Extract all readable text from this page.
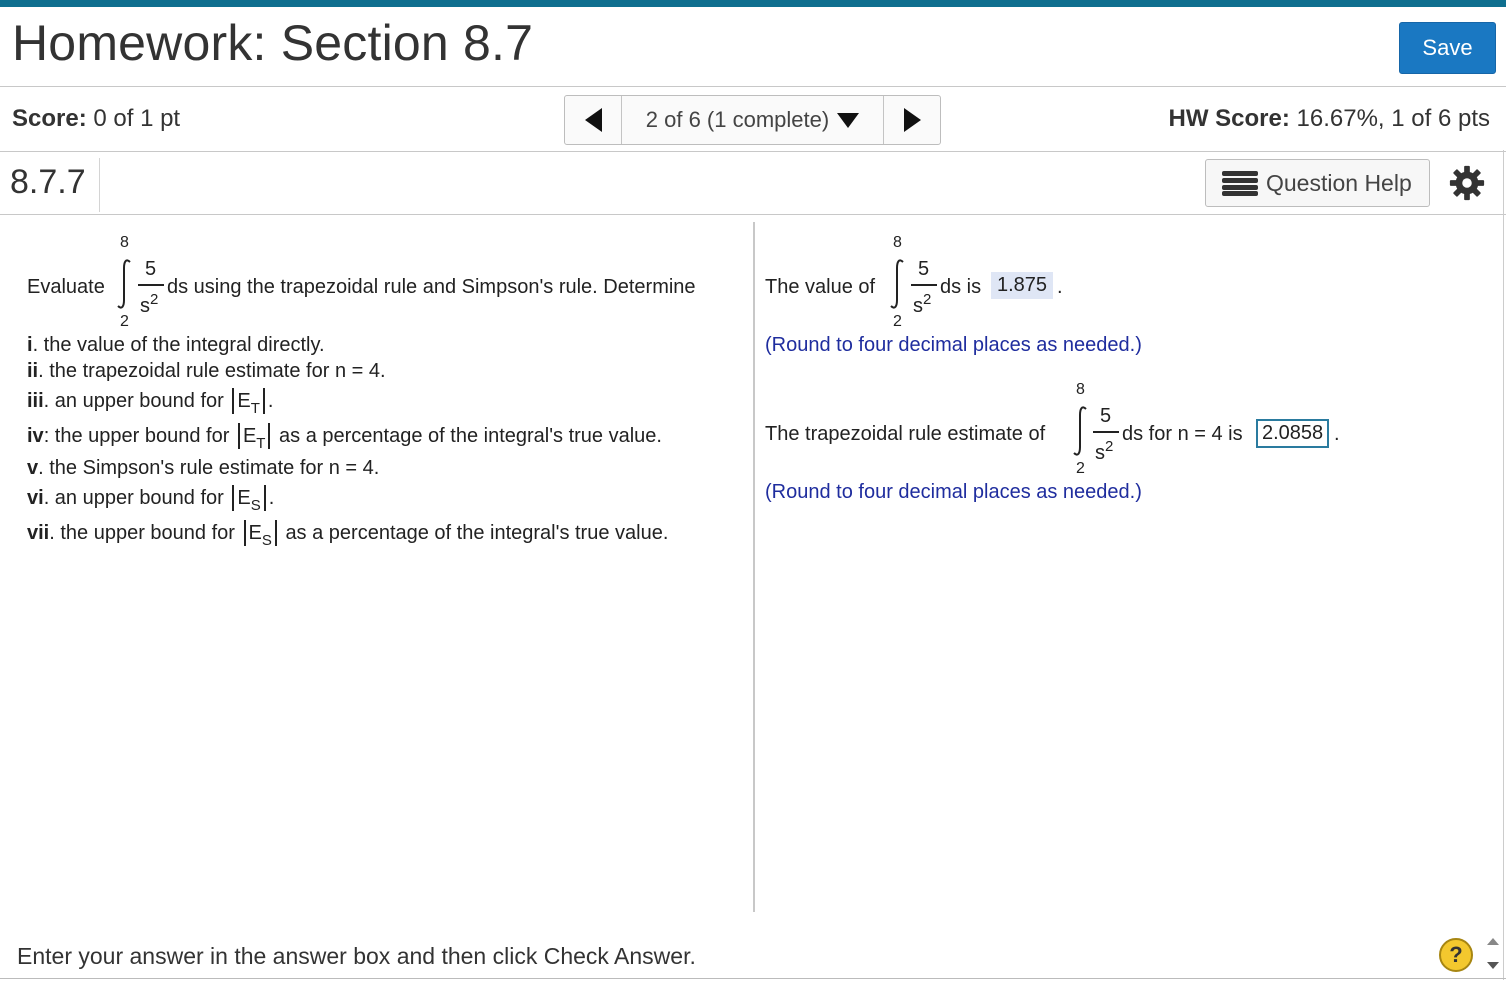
Homework: Section 8.7	Save
Score: 0 of 1 pt	2 of 6 (1 complete)	HW Score: 16.67%, 1 of 6 pts
8.7.7	Question Help
8
Evaluate
2
5
$s^2$
ds using the trapezoidal rule and Simpson's rule. Determine
i. the value of the integral directly.
ii. the trapezoidal rule estimate for n = 4.
iii. an upper bound for $E_T$ .
iv: the upper bound for $E_T$ as a percentage of the integral's true value.
v. the Simpson's rule estimate for n = 4.
vi. an upper bound for $E_S$ .
vii. the upper bound for $E_S$ as a percentage of the integral's true value.
8
The value of
2
5
$s^2$
ds is 1.875 .
(Round to four decimal places as needed.)
8
The trapezoidal rule estimate of
2
5
$s^2$
ds for n = 4 is 2.0858 .
(Round to four decimal places as needed.)
Enter your answer in the answer box and then click Check Answer.	?
